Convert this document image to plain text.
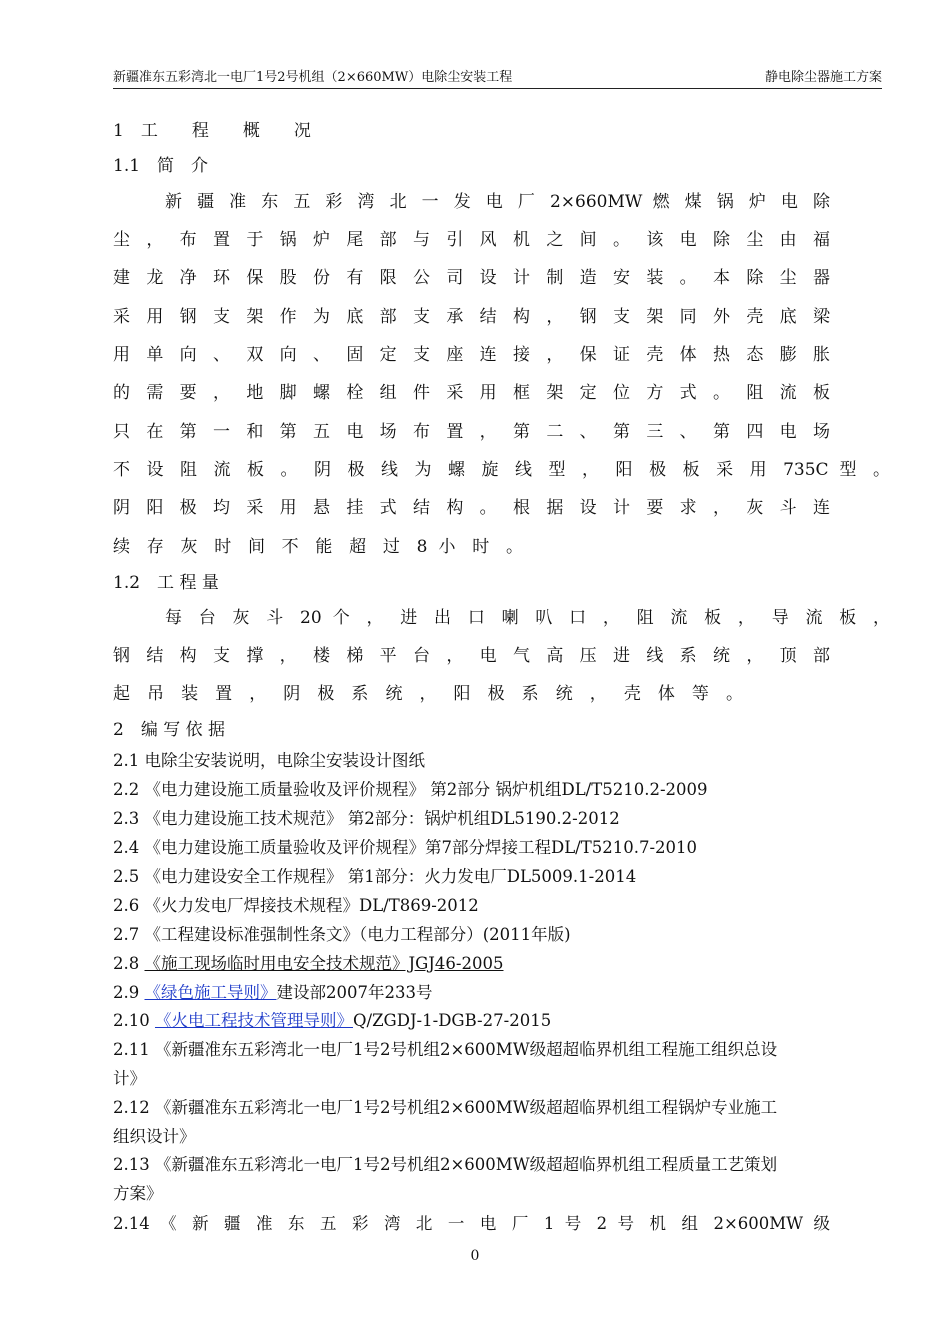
新疆准东五彩湾北一电厂1号2号机组（2×660MW）电除尘安装工程	静电除尘器施工方案
1　工　　程　　概　　况
1.1　简　介
新 疆 准 东 五 彩 湾 北 一 发 电 厂 2×660MW 燃 煤 锅 炉 电 除
尘 ， 布 置 于 锅 炉 尾 部 与 引 风 机 之 间 。 该 电 除 尘 由 福
建 龙 净 环 保 股 份 有 限 公 司 设 计 制 造 安 装 。 本 除 尘 器
采 用 钢 支 架 作 为 底 部 支 承 结 构 ， 钢 支 架 同 外 壳 底 梁
用 单 向 、 双 向 、 固 定 支 座 连 接 ， 保 证 壳 体 热 态 膨 胀
的 需 要 ， 地 脚 螺 栓 组 件 采 用 框 架 定 位 方 式 。 阻 流 板
只 在 第 一 和 第 五 电 场 布 置 ， 第 二 、 第 三 、 第 四 电 场
不 设 阻 流 板 。 阴 极 线 为 螺 旋 线 型 ， 阳 极 板 采 用 735C 型 。
阴 阳 极 均 采 用 悬 挂 式 结 构 。 根 据 设 计 要 求 ， 灰 斗 连
续 存 灰 时 间 不 能 超 过 8 小 时 。
1.2　工 程 量
每 台 灰 斗 20 个 ， 进 出 口 喇 叭 口 ， 阻 流 板 ， 导 流 板 ，
钢 结 构 支 撑 ， 楼 梯 平 台 ， 电 气 高 压 进 线 系 统 ， 顶 部
起 吊 装 置 ， 阴 极 系 统 ， 阳 极 系 统 ， 壳 体 等 。
2　编 写 依 据
2.1 电除尘安装说明，电除尘安装设计图纸
2.2 《电力建设施工质量验收及评价规程》 第2部分 锅炉机组DL/T5210.2-2009
2.3 《电力建设施工技术规范》 第2部分：锅炉机组DL5190.2-2012
2.4 《电力建设施工质量验收及评价规程》第7部分焊接工程DL/T5210.7-2010
2.5 《电力建设安全工作规程》 第1部分：火力发电厂DL5009.1-2014
2.6 《火力发电厂焊接技术规程》DL/T869-2012
2.7 《工程建设标准强制性条文》（电力工程部分）(2011年版)
2.8 《施工现场临时用电安全技术规范》JGJ46-2005
2.9 《绿色施工导则》建设部2007年233号
2.10 《火电工程技术管理导则》Q/ZGDJ-1-DGB-27-2015
2.11 《新疆准东五彩湾北一电厂1号2号机组2×600MW级超超临界机组工程施工组织总设
计》
2.12 《新疆准东五彩湾北一电厂1号2号机组2×600MW级超超临界机组工程锅炉专业施工
组织设计》
2.13 《新疆准东五彩湾北一电厂1号2号机组2×600MW级超超临界机组工程质量工艺策划
方案》
2.14 《 新 疆 准 东 五 彩 湾 北 一 电 厂 1 号 2 号 机 组 2×600MW 级
0
